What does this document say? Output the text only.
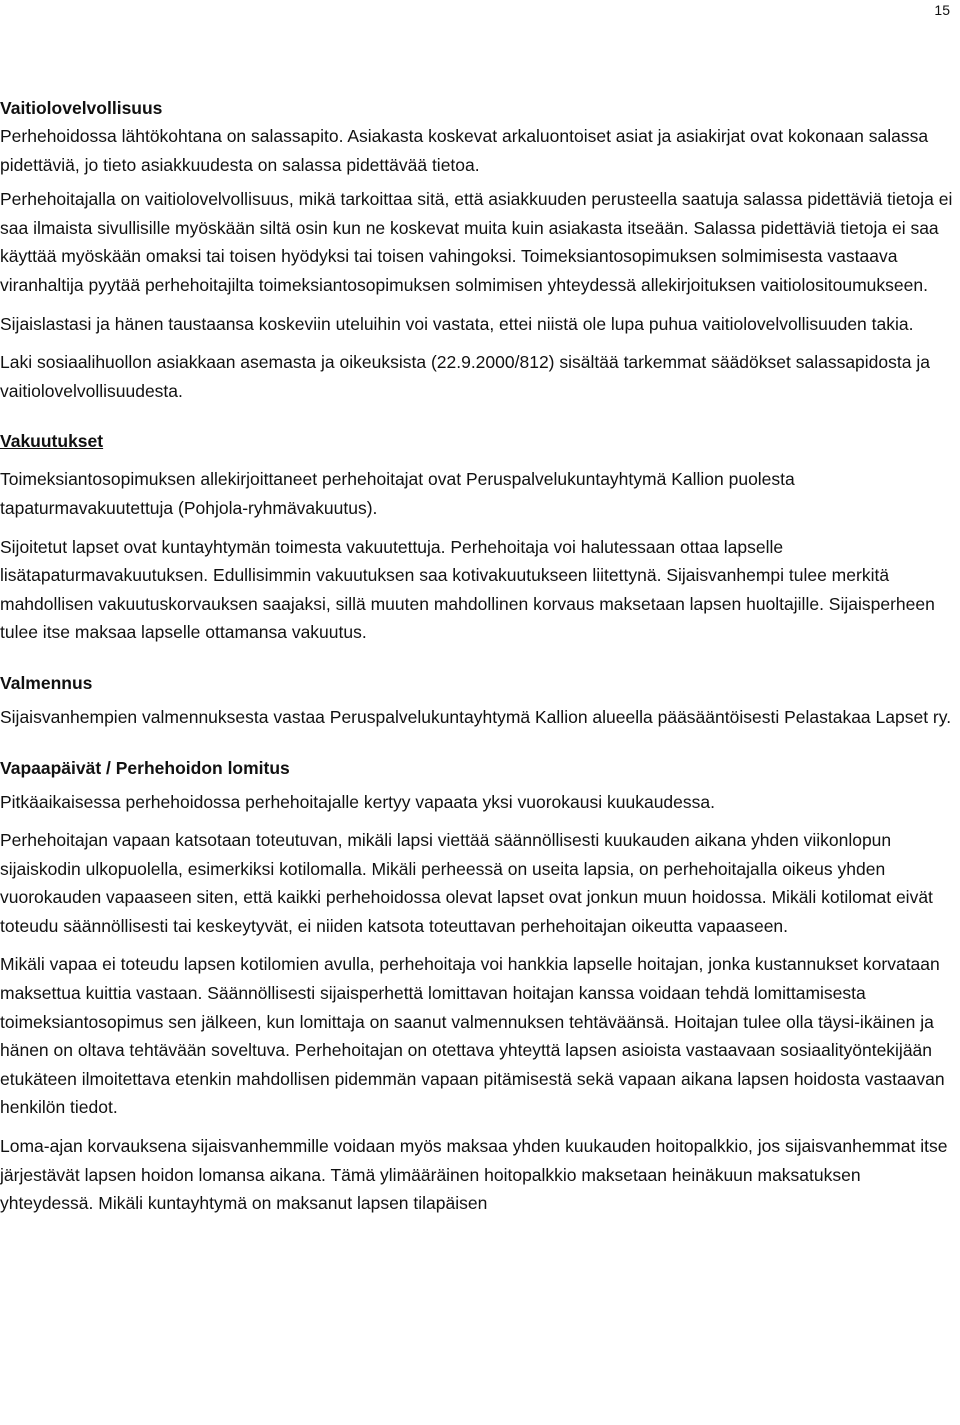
15
Vaitiolovelvollisuus

Perhehoidossa lähtökohtana on salassapito. Asiakasta koskevat arkaluontoiset asiat ja asiakirjat ovat kokonaan salassa pidettäviä, jo tieto asiakkuudesta on salassa pidettävää tietoa.

Perhehoitajalla on vaitiolovelvollisuus, mikä tarkoittaa sitä, että asiakkuuden perusteella saatuja salassa pidettäviä tietoja ei saa ilmaista sivullisille myöskään siltä osin kun ne koskevat muita kuin asiakasta itseään. Salassa pidettäviä tietoja ei saa käyttää myöskään omaksi tai toisen hyödyksi tai toisen vahingoksi. Toimeksiantosopimuksen solmimisesta vastaava viranhaltija pyytää perhehoitajilta toimeksiantosopimuksen solmimisen yhteydessä allekirjoituksen vaitiolositoumukseen.

Sijaislastasi ja hänen taustaansa koskeviin uteluihin voi vastata, ettei niistä ole lupa puhua vaitiolovelvollisuuden takia.

Laki sosiaalihuollon asiakkaan asemasta ja oikeuksista (22.9.2000/812) sisältää tarkemmat säädökset salassapidosta ja vaitiolovelvollisuudesta.

Vakuutukset

Toimeksiantosopimuksen allekirjoittaneet perhehoitajat ovat Peruspalvelukuntayhtymä Kallion puolesta tapaturmavakuutettuja (Pohjola-ryhmävakuutus).

Sijoitetut lapset ovat kuntayhtymän toimesta vakuutettuja. Perhehoitaja voi halutessaan ottaa lapselle lisätapaturmavakuutuksen. Edullisimmin vakuutuksen saa kotivakuutukseen liitettynä. Sijaisvanhempi tulee merkitä mahdollisen vakuutuskorvauksen saajaksi, sillä muuten mahdollinen korvaus maksetaan lapsen huoltajille. Sijaisperheen tulee itse maksaa lapselle ottamansa vakuutus.

Valmennus

Sijaisvanhempien valmennuksesta vastaa Peruspalvelukuntayhtymä Kallion alueella pääsääntöisesti Pelastakaa Lapset ry.

Vapaapäivät / Perhehoidon lomitus

Pitkäaikaisessa perhehoidossa perhehoitajalle kertyy vapaata yksi vuorokausi kuukaudessa.

Perhehoitajan vapaan katsotaan toteutuvan, mikäli lapsi viettää säännöllisesti kuukauden aikana yhden viikonlopun sijaiskodin ulkopuolella, esimerkiksi kotilomalla. Mikäli perheessä on useita lapsia, on perhehoitajalla oikeus yhden vuorokauden vapaaseen siten, että kaikki perhehoidossa olevat lapset ovat jonkun muun hoidossa. Mikäli kotilomat eivät toteudu säännöllisesti tai keskeytyvät, ei niiden katsota toteuttavan perhehoitajan oikeutta vapaaseen.

Mikäli vapaa ei toteudu lapsen kotilomien avulla, perhehoitaja voi hankkia lapselle hoitajan, jonka kustannukset korvataan maksettua kuittia vastaan. Säännöllisesti sijaisperhettä lomittavan hoitajan kanssa voidaan tehdä lomittamisesta toimeksiantosopimus sen jälkeen, kun lomittaja on saanut valmennuksen tehtäväänsä. Hoitajan tulee olla täysi-ikäinen ja hänen on oltava tehtävään soveltuva. Perhehoitajan on otettava yhteyttä lapsen asioista vastaavaan sosiaalityöntekijään etukäteen ilmoitettava etenkin mahdollisen pidemmän vapaan pitämisestä sekä vapaan aikana lapsen hoidosta vastaavan henkilön tiedot.

Loma-ajan korvauksena sijaisvanhemmille voidaan myös maksaa yhden kuukauden hoitopalkkio, jos sijaisvanhemmat itse järjestävät lapsen hoidon lomansa aikana. Tämä ylimääräinen hoitopalkkio maksetaan heinäkuun maksatuksen yhteydessä. Mikäli kuntayhtymä on maksanut lapsen tilapäisen
